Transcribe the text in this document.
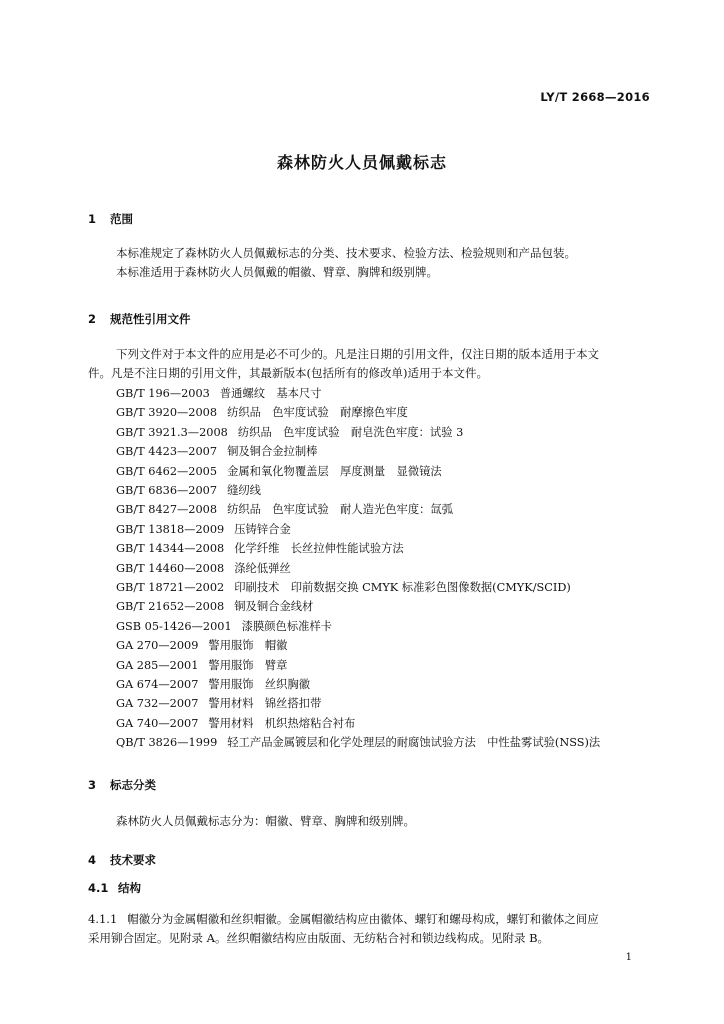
LY/T 2668—2016
森林防火人员佩戴标志
1 范围
本标准规定了森林防火人员佩戴标志的分类、技术要求、检验方法、检验规则和产品包装。
本标准适用于森林防火人员佩戴的帽徽、臂章、胸牌和级别牌。
2 规范性引用文件
下列文件对于本文件的应用是必不可少的。凡是注日期的引用文件，仅注日期的版本适用于本文
件。凡是不注日期的引用文件，其最新版本(包括所有的修改单)适用于本文件。
GB/T 196—2003 普通螺纹　基本尺寸
GB/T 3920—2008 纺织品　色牢度试验　耐摩擦色牢度
GB/T 3921.3—2008 纺织品　色牢度试验　耐皂洗色牢度：试验 3
GB/T 4423—2007 铜及铜合金拉制棒
GB/T 6462—2005 金属和氧化物覆盖层　厚度测量　显微镜法
GB/T 6836—2007 缝纫线
GB/T 8427—2008 纺织品　色牢度试验　耐人造光色牢度：氙弧
GB/T 13818—2009 压铸锌合金
GB/T 14344—2008 化学纤维　长丝拉伸性能试验方法
GB/T 14460—2008 涤纶低弹丝
GB/T 18721—2002 印刷技术　印前数据交换 CMYK 标准彩色图像数据(CMYK/SCID)
GB/T 21652—2008 铜及铜合金线材
GSB 05-1426—2001 漆膜颜色标准样卡
GA 270—2009 警用服饰　帽徽
GA 285—2001 警用服饰　臂章
GA 674—2007 警用服饰　丝织胸徽
GA 732—2007 警用材料　锦丝搭扣带
GA 740—2007 警用材料　机织热熔粘合衬布
QB/T 3826—1999 轻工产品金属镀层和化学处理层的耐腐蚀试验方法　中性盐雾试验(NSS)法
3 标志分类
森林防火人员佩戴标志分为：帽徽、臂章、胸牌和级别牌。
4 技术要求
4.1 结构
4.1.1 帽徽分为金属帽徽和丝织帽徽。金属帽徽结构应由徽体、螺钉和螺母构成，螺钉和徽体之间应
采用铆合固定。见附录 A。丝织帽徽结构应由版面、无纺粘合衬和锁边线构成。见附录 B。
1
